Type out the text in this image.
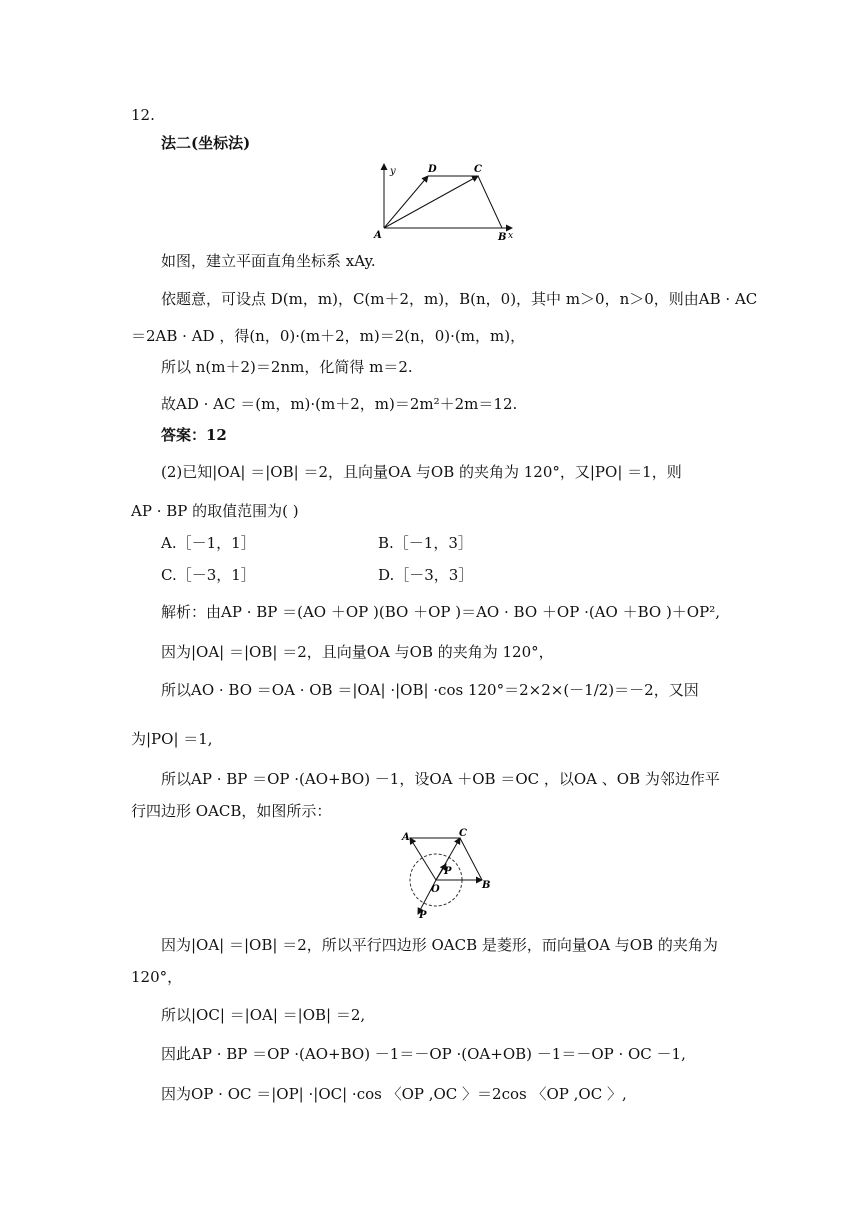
12.
法二(坐标法)
y	D	C
A	B x
如图，建立平面直角坐标系 xAy.
依题意，可设点 D(m，m)，C(m＋2，m)，B(n，0)，其中 m＞0，n＞0，则由AB · AC
＝2AB · AD ，得(n，0)·(m＋2，m)＝2(n，0)·(m，m)，
所以 n(m＋2)＝2nm，化简得 m＝2.
故AD · AC ＝(m，m)·(m＋2，m)＝2m²＋2m＝12.
答案：12
(2)已知|OA| ＝|OB| ＝2，且向量OA 与OB 的夹角为 120°，又|PO| ＝1，则
AP · BP 的取值范围为( )
A.［－1，1］	B.［－1，3］
C.［－3，1］	D.［－3，3］
解析：由AP · BP ＝(AO ＋OP )(BO ＋OP )＝AO · BO ＋OP ·(AO ＋BO )＋OP²,
因为|OA| ＝|OB| ＝2，且向量OA 与OB 的夹角为 120°，
所以AO · BO ＝OA · OB ＝|OA| ·|OB| ·cos 120°＝2×2×(－1/2)＝－2，又因
为|PO| ＝1,
所以AP · BP ＝OP ·(AO+BO) －1，设OA ＋OB ＝OC ，以OA 、OB 为邻边作平
行四边形 OACB，如图所示：
A	C
P
O	B
P
因为|OA| ＝|OB| ＝2，所以平行四边形 OACB 是菱形，而向量OA 与OB 的夹角为
120°，
所以|OC| ＝|OA| ＝|OB| ＝2,
因此AP · BP ＝OP ·(AO+BO) －1＝－OP ·(OA+OB) －1＝－OP · OC －1,
因为OP · OC ＝|OP| ·|OC| ·cos 〈OP ,OC 〉＝2cos 〈OP ,OC 〉,
